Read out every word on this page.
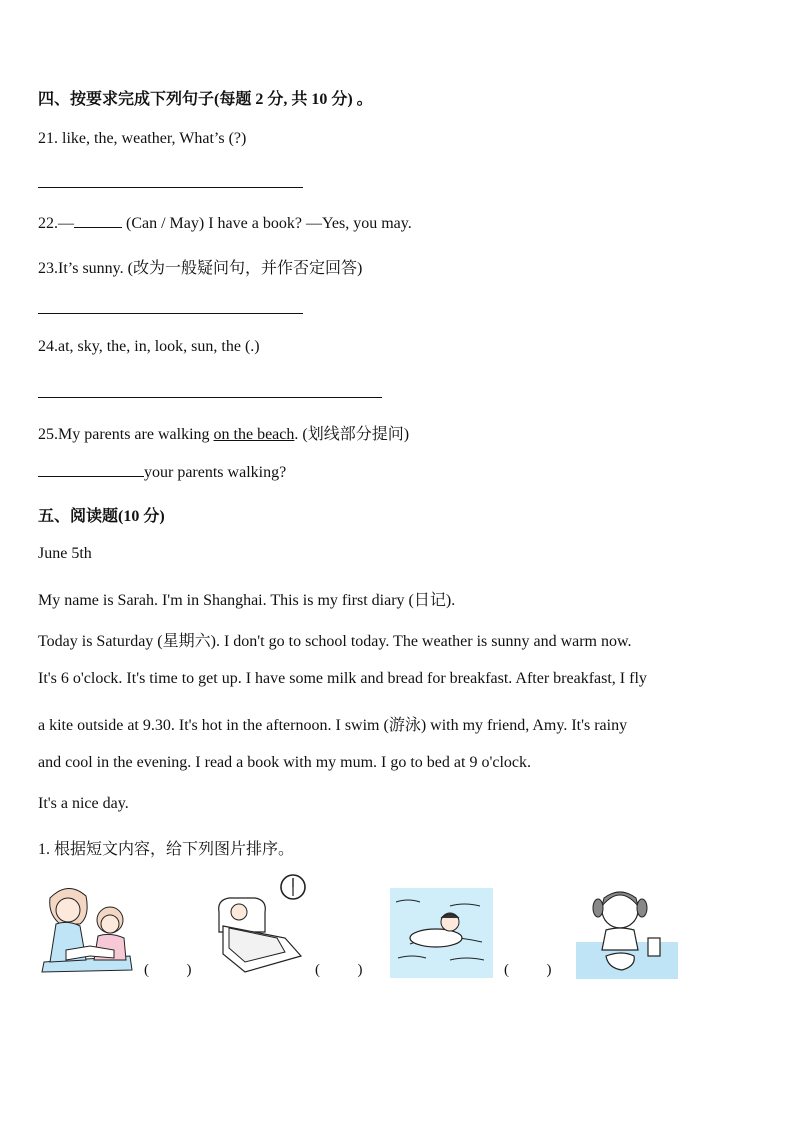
四、按要求完成下列句子(每题 2 分, 共 10 分) 。
21. like, the, weather, What’s (?)
22.—	(Can / May) I have a book? —Yes, you may.
23.It’s sunny. (改为一般疑问句，并作否定回答)
24.at, sky, the, in, look, sun, the (.)
25.My parents are walking on the beach. (划线部分提问)
your parents walking?
五、阅读题(10 分)
June 5th
My name is Sarah. I'm in Shanghai. This is my first diary (日记).
Today is Saturday (星期六). I don't go to school today. The weather is sunny and warm now.
It's 6 o'clock. It's time to get up. I have some milk and bread for breakfast. After breakfast, I fly
a kite outside at 9.30. It's hot in the afternoon. I swim (游泳) with my friend, Amy. It's rainy
and cool in the evening. I read a book with my mum. I go to bed at 9 o'clock.
It's a nice day.
1. 根据短文内容，给下列图片排序。
(          )	(          )	(          )
